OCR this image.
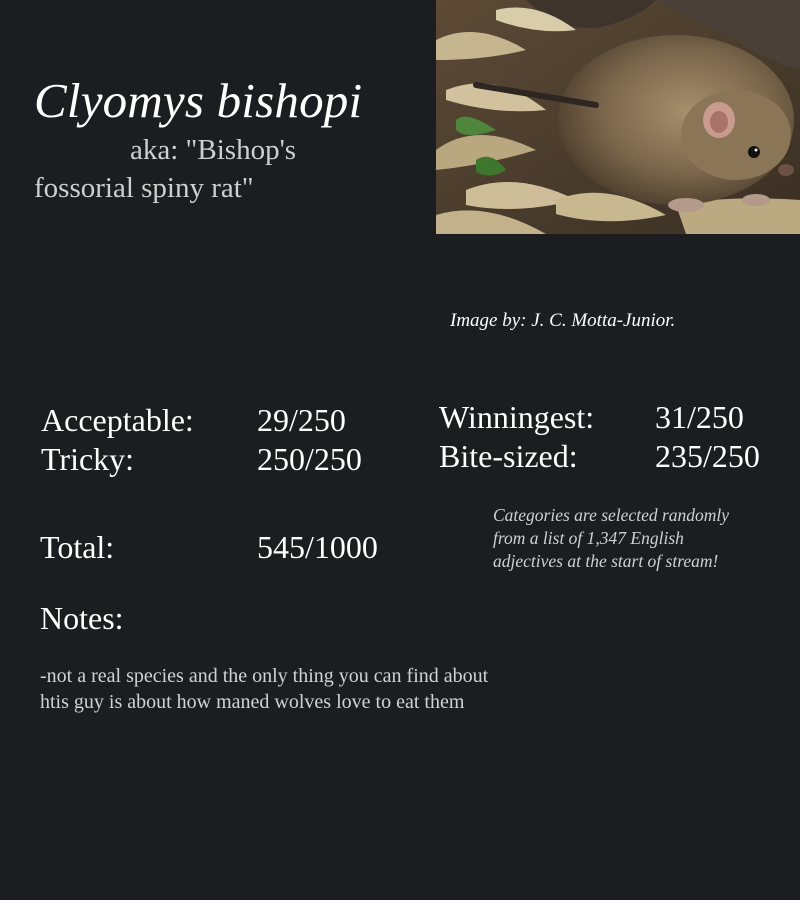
Clyomys bishopi
aka: "Bishop's
fossorial spiny rat"
Image by: J. C. Motta-Junior.
Acceptable: 29/250
Tricky:	250/250
Winningest: 31/250
Bite-sized: 235/250
Total:	545/1000
Categories are selected randomly from a list of 1,347 English adjectives at the start of stream!
Notes:
-not a real species and the only thing you can find about htis guy is about how maned wolves love to eat them
